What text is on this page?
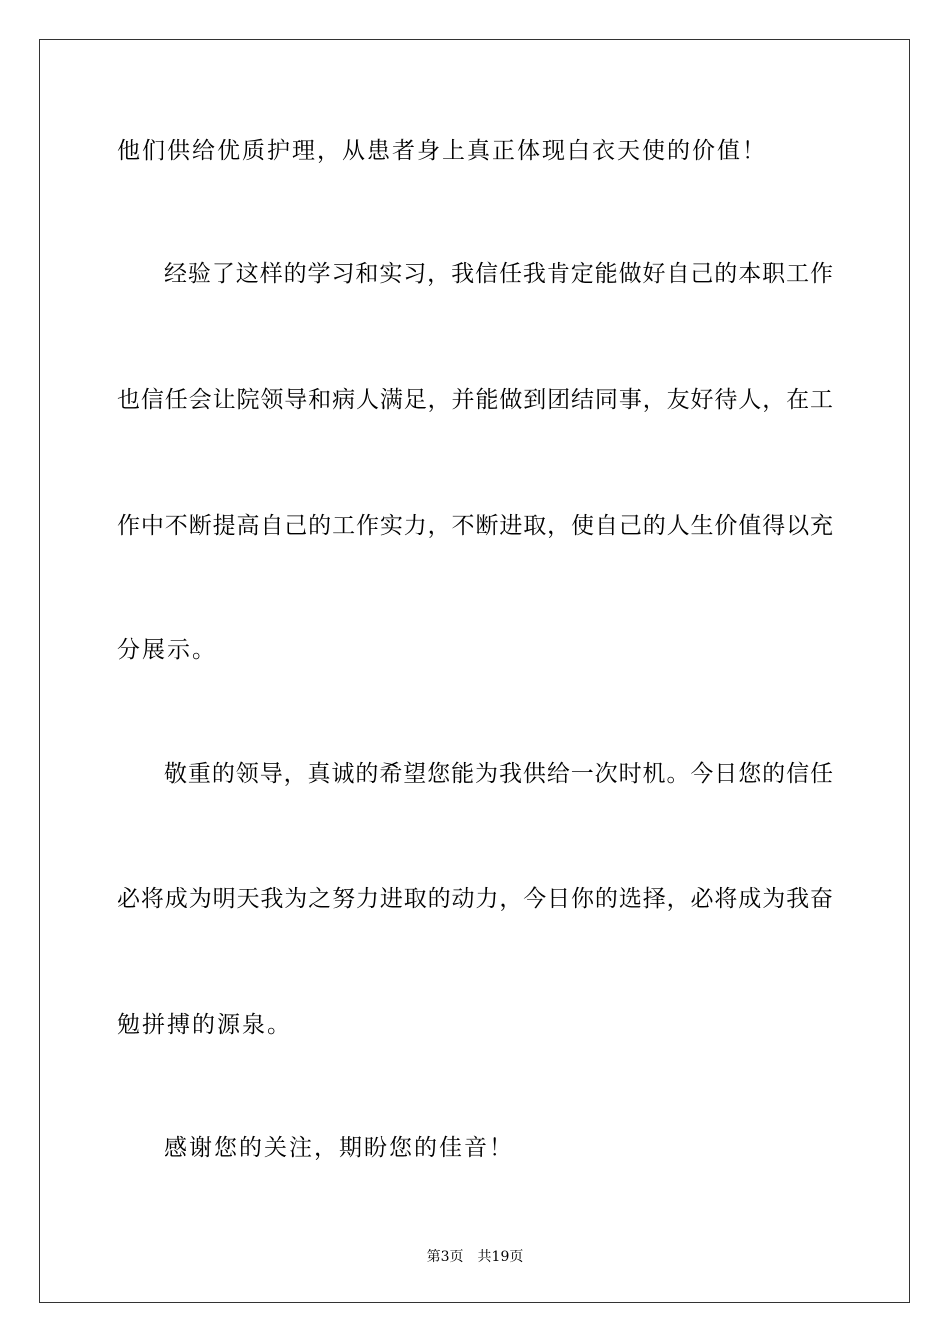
他们供给优质护理，从患者身上真正体现白衣天使的价值！
经验了这样的学习和实习，我信任我肯定能做好自己的本职工作
也信任会让院领导和病人满足，并能做到团结同事，友好待人，在工
作中不断提高自己的工作实力，不断进取，使自己的人生价值得以充
分展示。
敬重的领导，真诚的希望您能为我供给一次时机。今日您的信任
必将成为明天我为之努力进取的动力，今日你的选择，必将成为我奋
勉拼搏的源泉。
感谢您的关注，期盼您的佳音！
第3页　共19页
